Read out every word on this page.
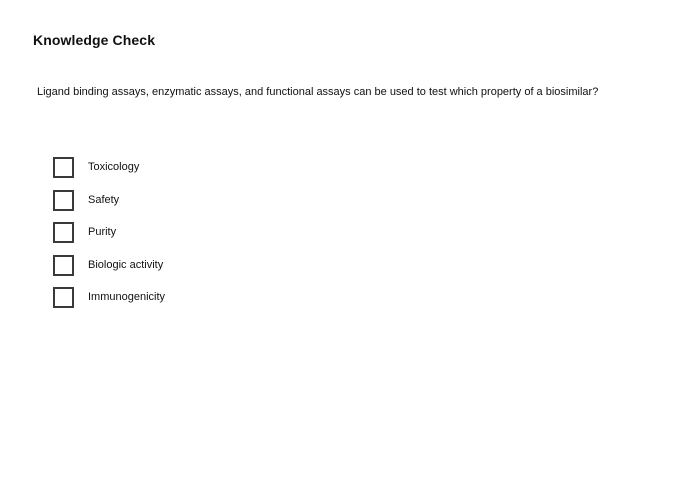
Knowledge Check
Ligand binding assays, enzymatic assays, and functional assays can be used to test which property of a biosimilar?
Toxicology
Safety
Purity
Biologic activity
Immunogenicity
